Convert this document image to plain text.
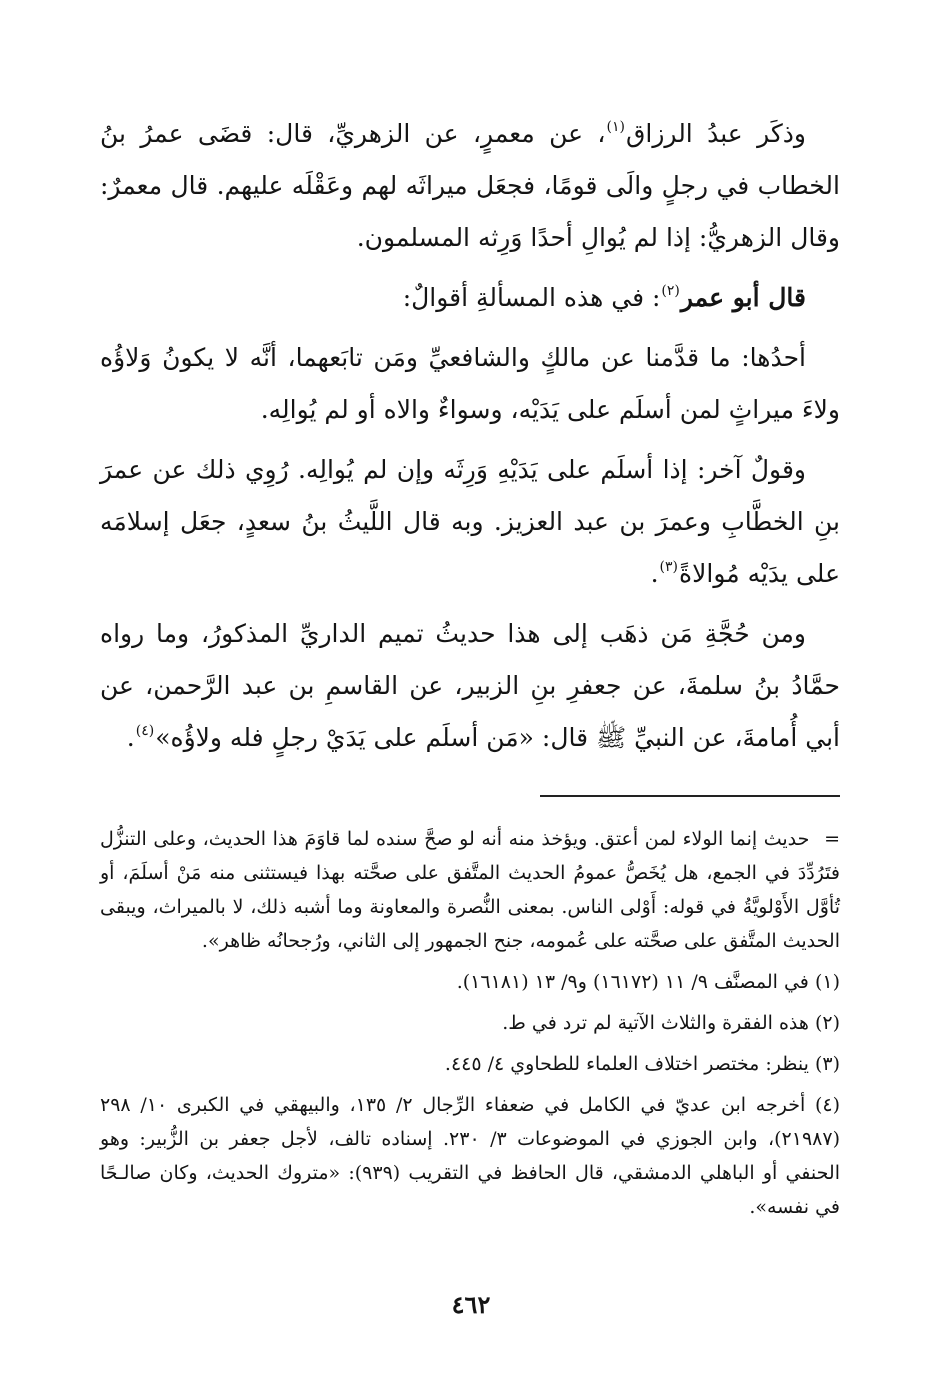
وذكَر عبدُ الرزاق$^{(١)}$، عن معمرٍ، عن الزهريِّ، قال: قضَى عمرُ بنُ الخطاب في رجلٍ والَى قومًا، فجعَل ميراثَه لهم وعَقْلَه عليهم. قال معمرٌ: وقال الزهريُّ: إذا لم يُوالِ أحدًا وَرِثه المسلمون.

قال أبو عمر$^{(٢)}$: في هذه المسألةِ أقوالٌ:

أحدُها: ما قدَّمنا عن مالكٍ والشافعيِّ ومَن تابَعهما، أنَّه لا يكونُ وَلاؤُه ولاءَ ميراثٍ لمن أسلَم على يَدَيْه، وسواءٌ والاه أو لم يُوالِه.

وقولٌ آخر: إذا أسلَم على يَدَيْهِ وَرِثَه وإن لم يُوالِه. رُوِي ذلك عن عمرَ بنِ الخطَّابِ وعمرَ بن عبد العزيز. وبه قال اللَّيثُ بنُ سعدٍ، جعَل إسلامَه على يدَيْه مُوالاةً$^{(٣)}$.

ومن حُجَّةِ مَن ذهَب إلى هذا حديثُ تميم الداريِّ المذكورُ، وما رواه حمَّادُ بنُ سلمةَ، عن جعفرِ بنِ الزبير، عن القاسمِ بن عبد الرَّحمن، عن أبي أُمامةَ، عن النبيِّ ﷺ قال: «مَن أسلَم على يَدَيْ رجلٍ فله ولاؤُه»$^{(٤)}$.

= حديث إنما الولاء لمن أعتق. ويؤخذ منه أنه لو صحَّ سنده لما قاوَمَ هذا الحديث، وعلى التنزُّل فتَرُدِّدَ في الجمع، هل يُخَصُّ عمومُ الحديث المتَّفق على صحَّته بهذا فيستثنى منه مَنْ أسلَمَ، أو تُأوَّل الأَوْلويَّةُ في قوله: أَوْلى الناس. بمعنى النُّصرة والمعاونة وما أشبه ذلك، لا بالميراث، ويبقى الحديث المتَّفق على صحَّته على عُمومه، جنح الجمهور إلى الثاني، ورُجحانُه ظاهر».

(١) في المصنَّف ٩/ ١١ (١٦١٧٢) و٩/ ١٣ (١٦١٨١).

(٢) هذه الفقرة والثلاث الآتية لم ترد في ط.

(٣) ينظر: مختصر اختلاف العلماء للطحاوي ٤/ ٤٤٥.

(٤) أخرجه ابن عديّ في الكامل في ضعفاء الرِّجال ٢/ ١٣٥، والبيهقي في الكبرى ١٠/ ٢٩٨ (٢١٩٨٧)، وابن الجوزي في الموضوعات ٣/ ٢٣٠. إسناده تالف، لأجل جعفر بن الزُّبير: وهو الحنفي أو الباهلي الدمشقي، قال الحافظ في التقريب (٩٣٩): «متروك الحديث، وكان صالـحًا في نفسه».

٤٦٢
